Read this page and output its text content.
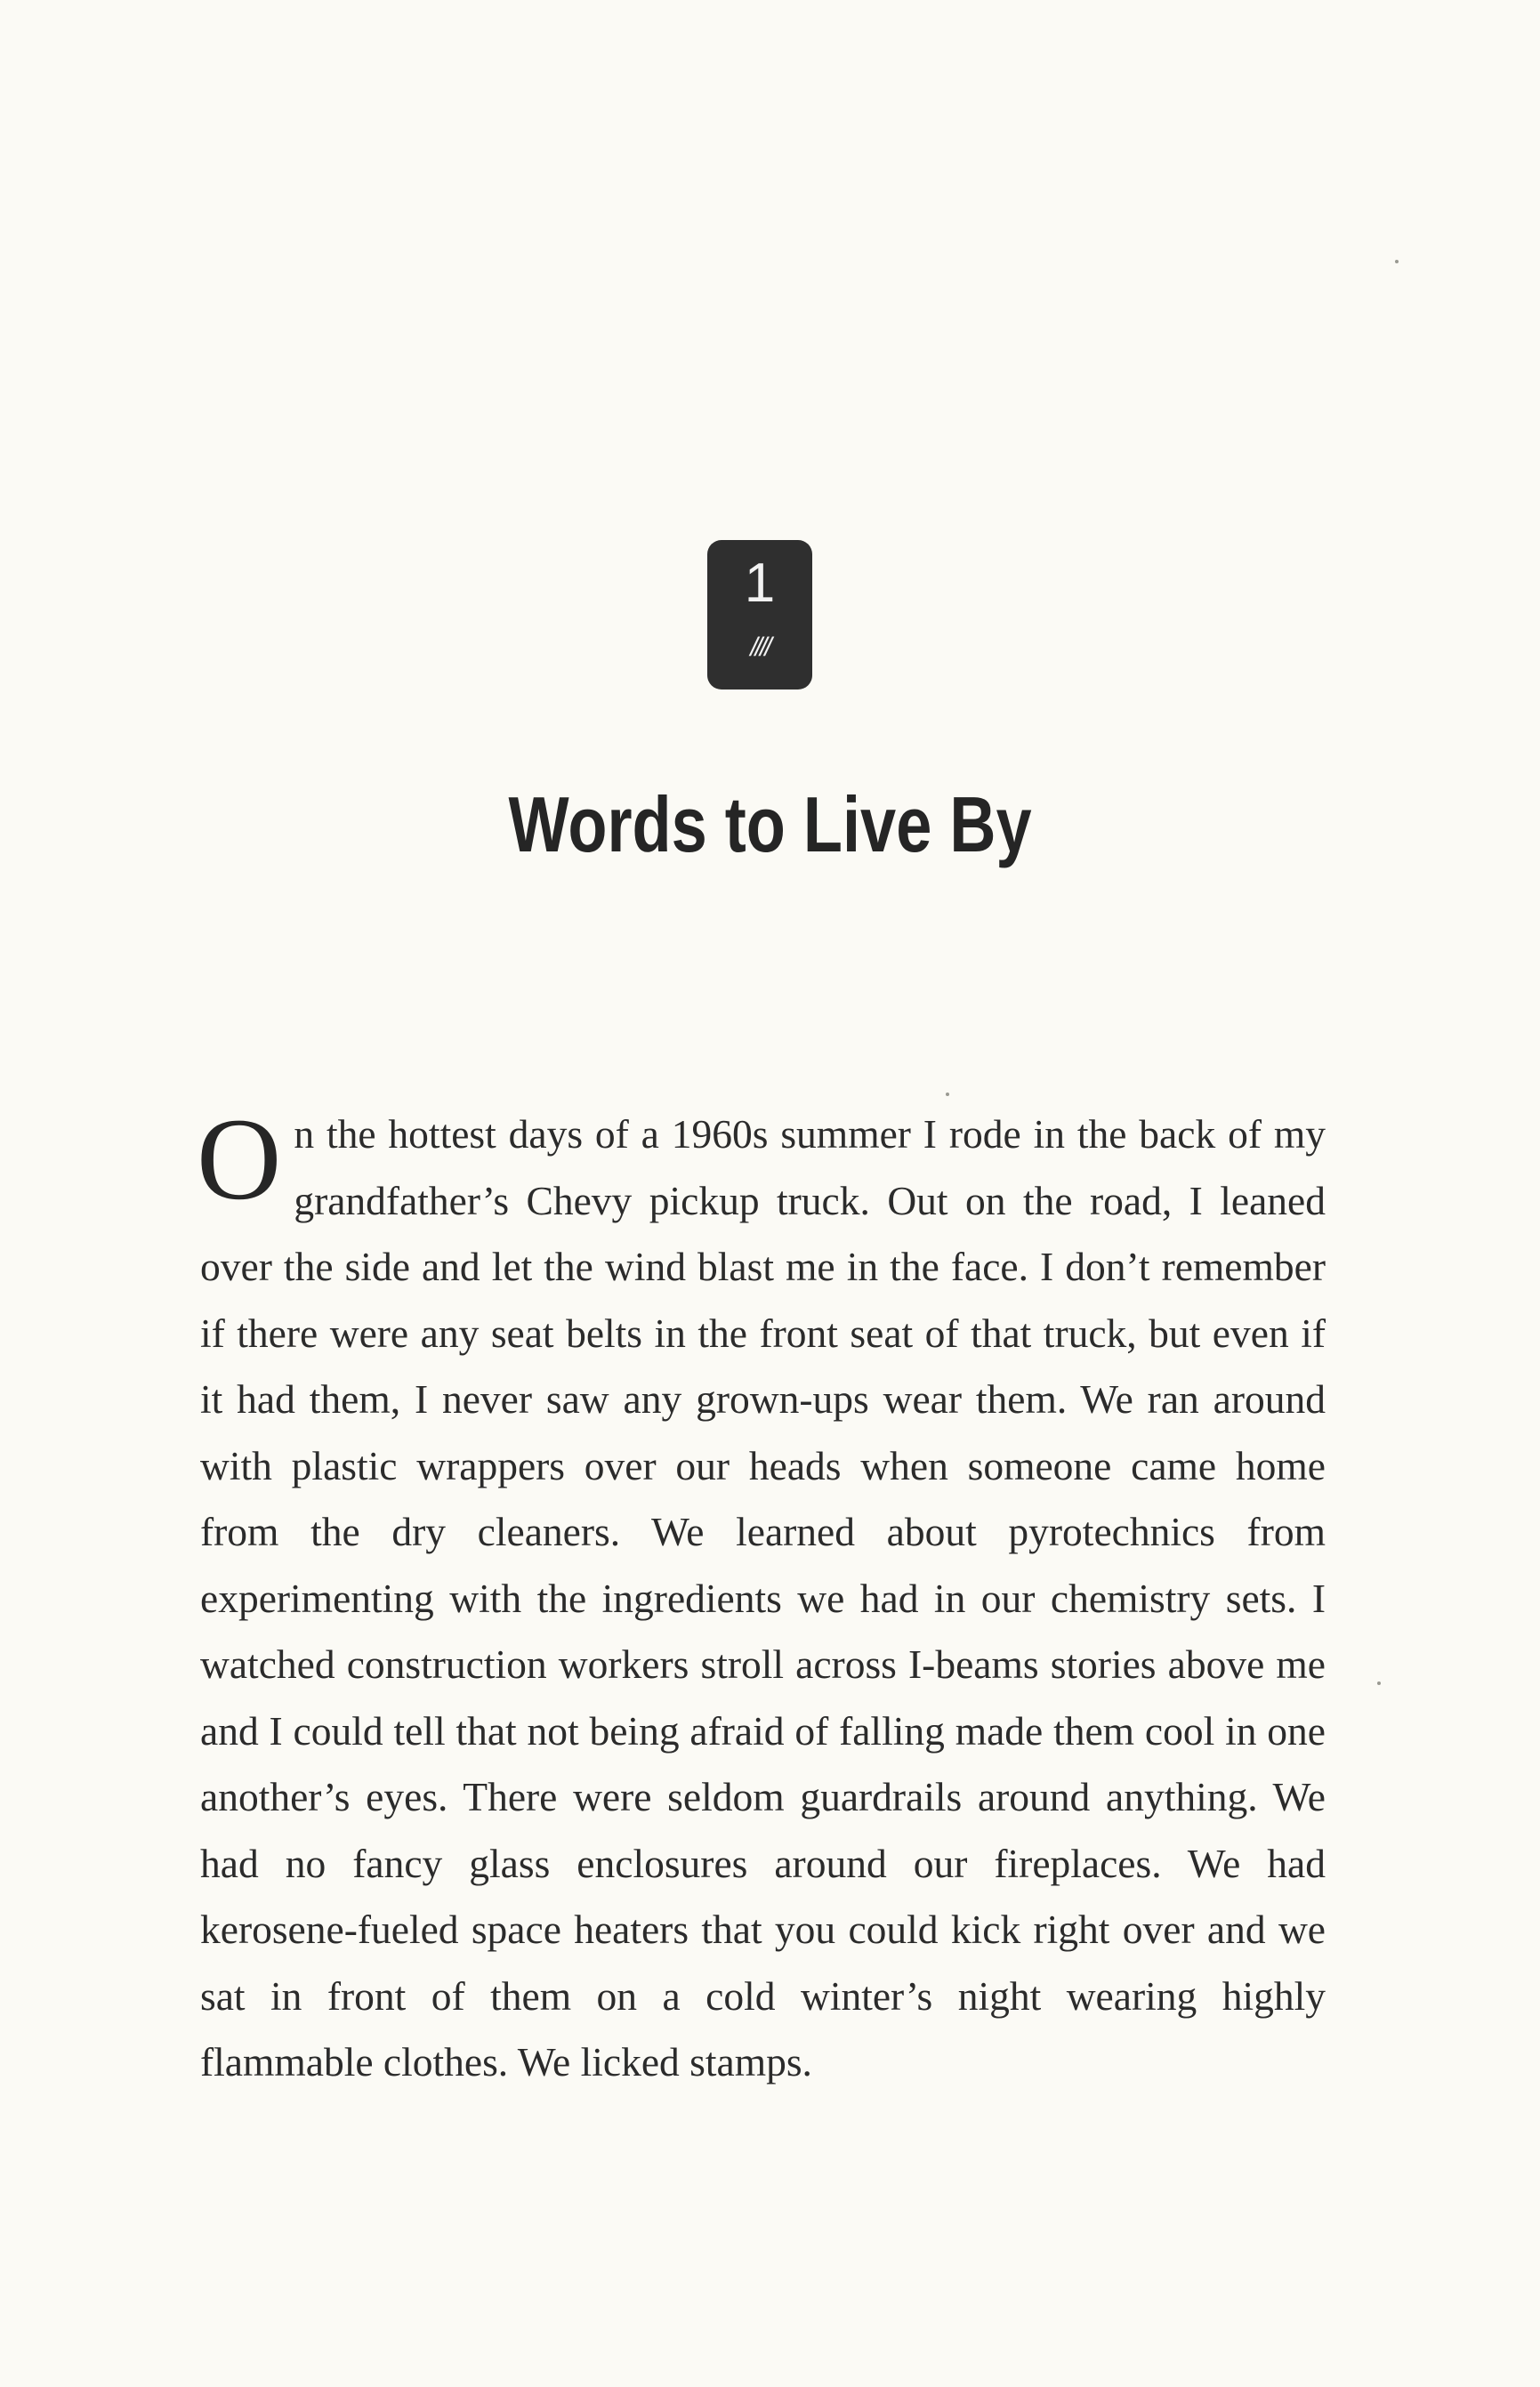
1
////
Words to Live By

On the hottest days of a 1960s summer I rode in the back of my grandfather’s Chevy pickup truck. Out on the road, I leaned over the side and let the wind blast me in the face. I don’t remember if there were any seat belts in the front seat of that truck, but even if it had them, I never saw any grown-ups wear them. We ran around with plastic wrappers over our heads when someone came home from the dry cleaners. We learned about pyrotechnics from experimenting with the ingredients we had in our chemistry sets. I watched construction workers stroll across I-beams stories above me and I could tell that not being afraid of falling made them cool in one another’s eyes. There were seldom guardrails around anything. We had no fancy glass enclosures around our fireplaces. We had kerosene-fueled space heaters that you could kick right over and we sat in front of them on a cold winter’s night wearing highly flammable clothes. We licked stamps.
